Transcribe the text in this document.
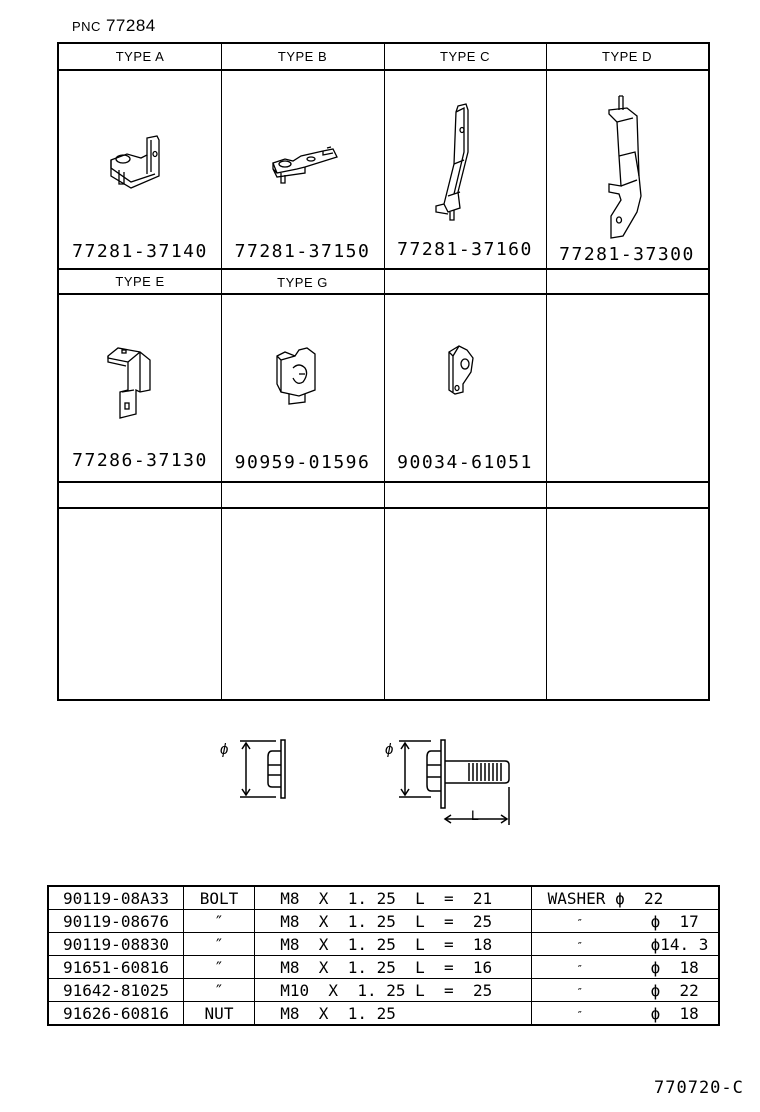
PNC 77284
TYPE A	TYPE B	TYPE C	TYPE D
77281-37140	77281-37150	77281-37160	77281-37300
TYPE E	TYPE G
77286-37130	90959-01596	90034-61051
ϕ	ϕ
L
90119-08A33	BOLT	M8  X  1. 25 L  =  21	WASHER ϕ  22
90119-08676	″	M8  X  1. 25 L  =  25	″ ϕ  17
90119-08830	″	M8  X  1. 25 L  =  18	″ ϕ14. 3
91651-60816	″	M8  X  1. 25 L  =  16	″ ϕ  18
91642-81025	″	M10  X  1. 25 L  =  25	″ ϕ  22
91626-60816	NUT	M8  X  1. 25	″ ϕ  18
770720-C
